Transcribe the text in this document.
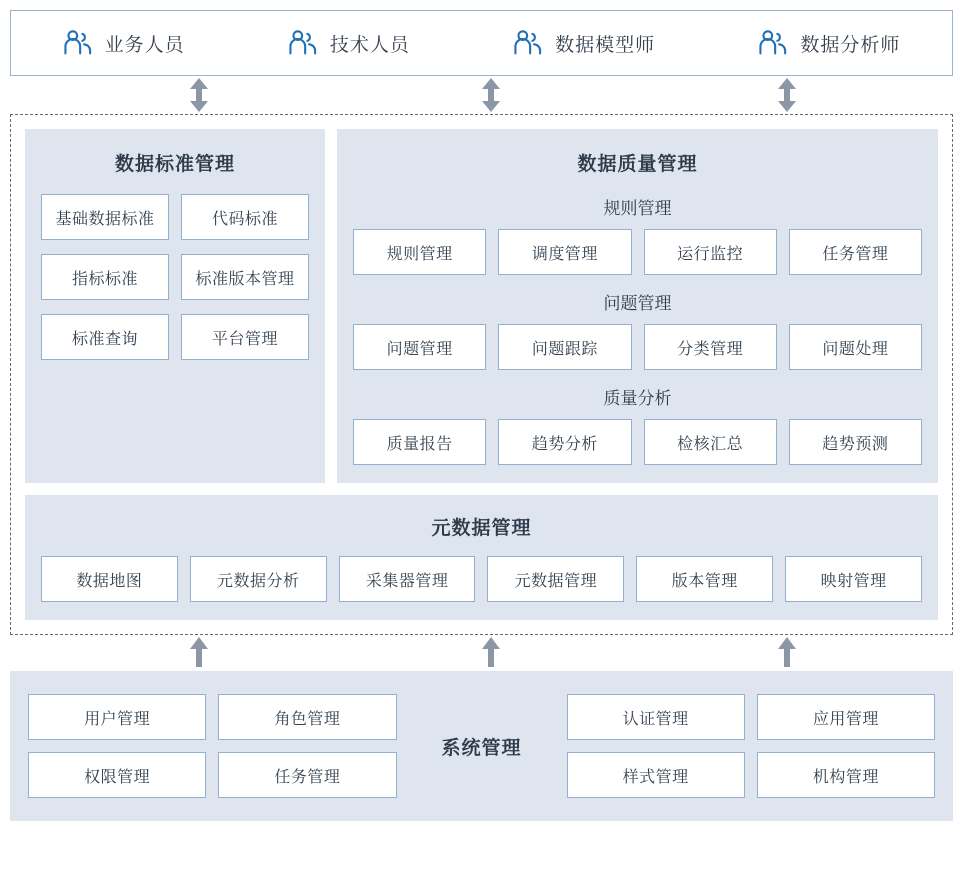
业务人员	技术人员	数据模型师	数据分析师
数据标准管理
基础数据标准	代码标准
指标标准	标准版本管理
标准查询	平台管理
数据质量管理
规则管理
规则管理	调度管理	运行监控	任务管理
问题管理
问题管理	问题跟踪	分类管理	问题处理
质量分析
质量报告	趋势分析	检核汇总	趋势预测
元数据管理
数据地图	元数据分析	采集器管理	元数据管理	版本管理	映射管理
用户管理	角色管理
权限管理	任务管理
系统管理
认证管理	应用管理
样式管理	机构管理
